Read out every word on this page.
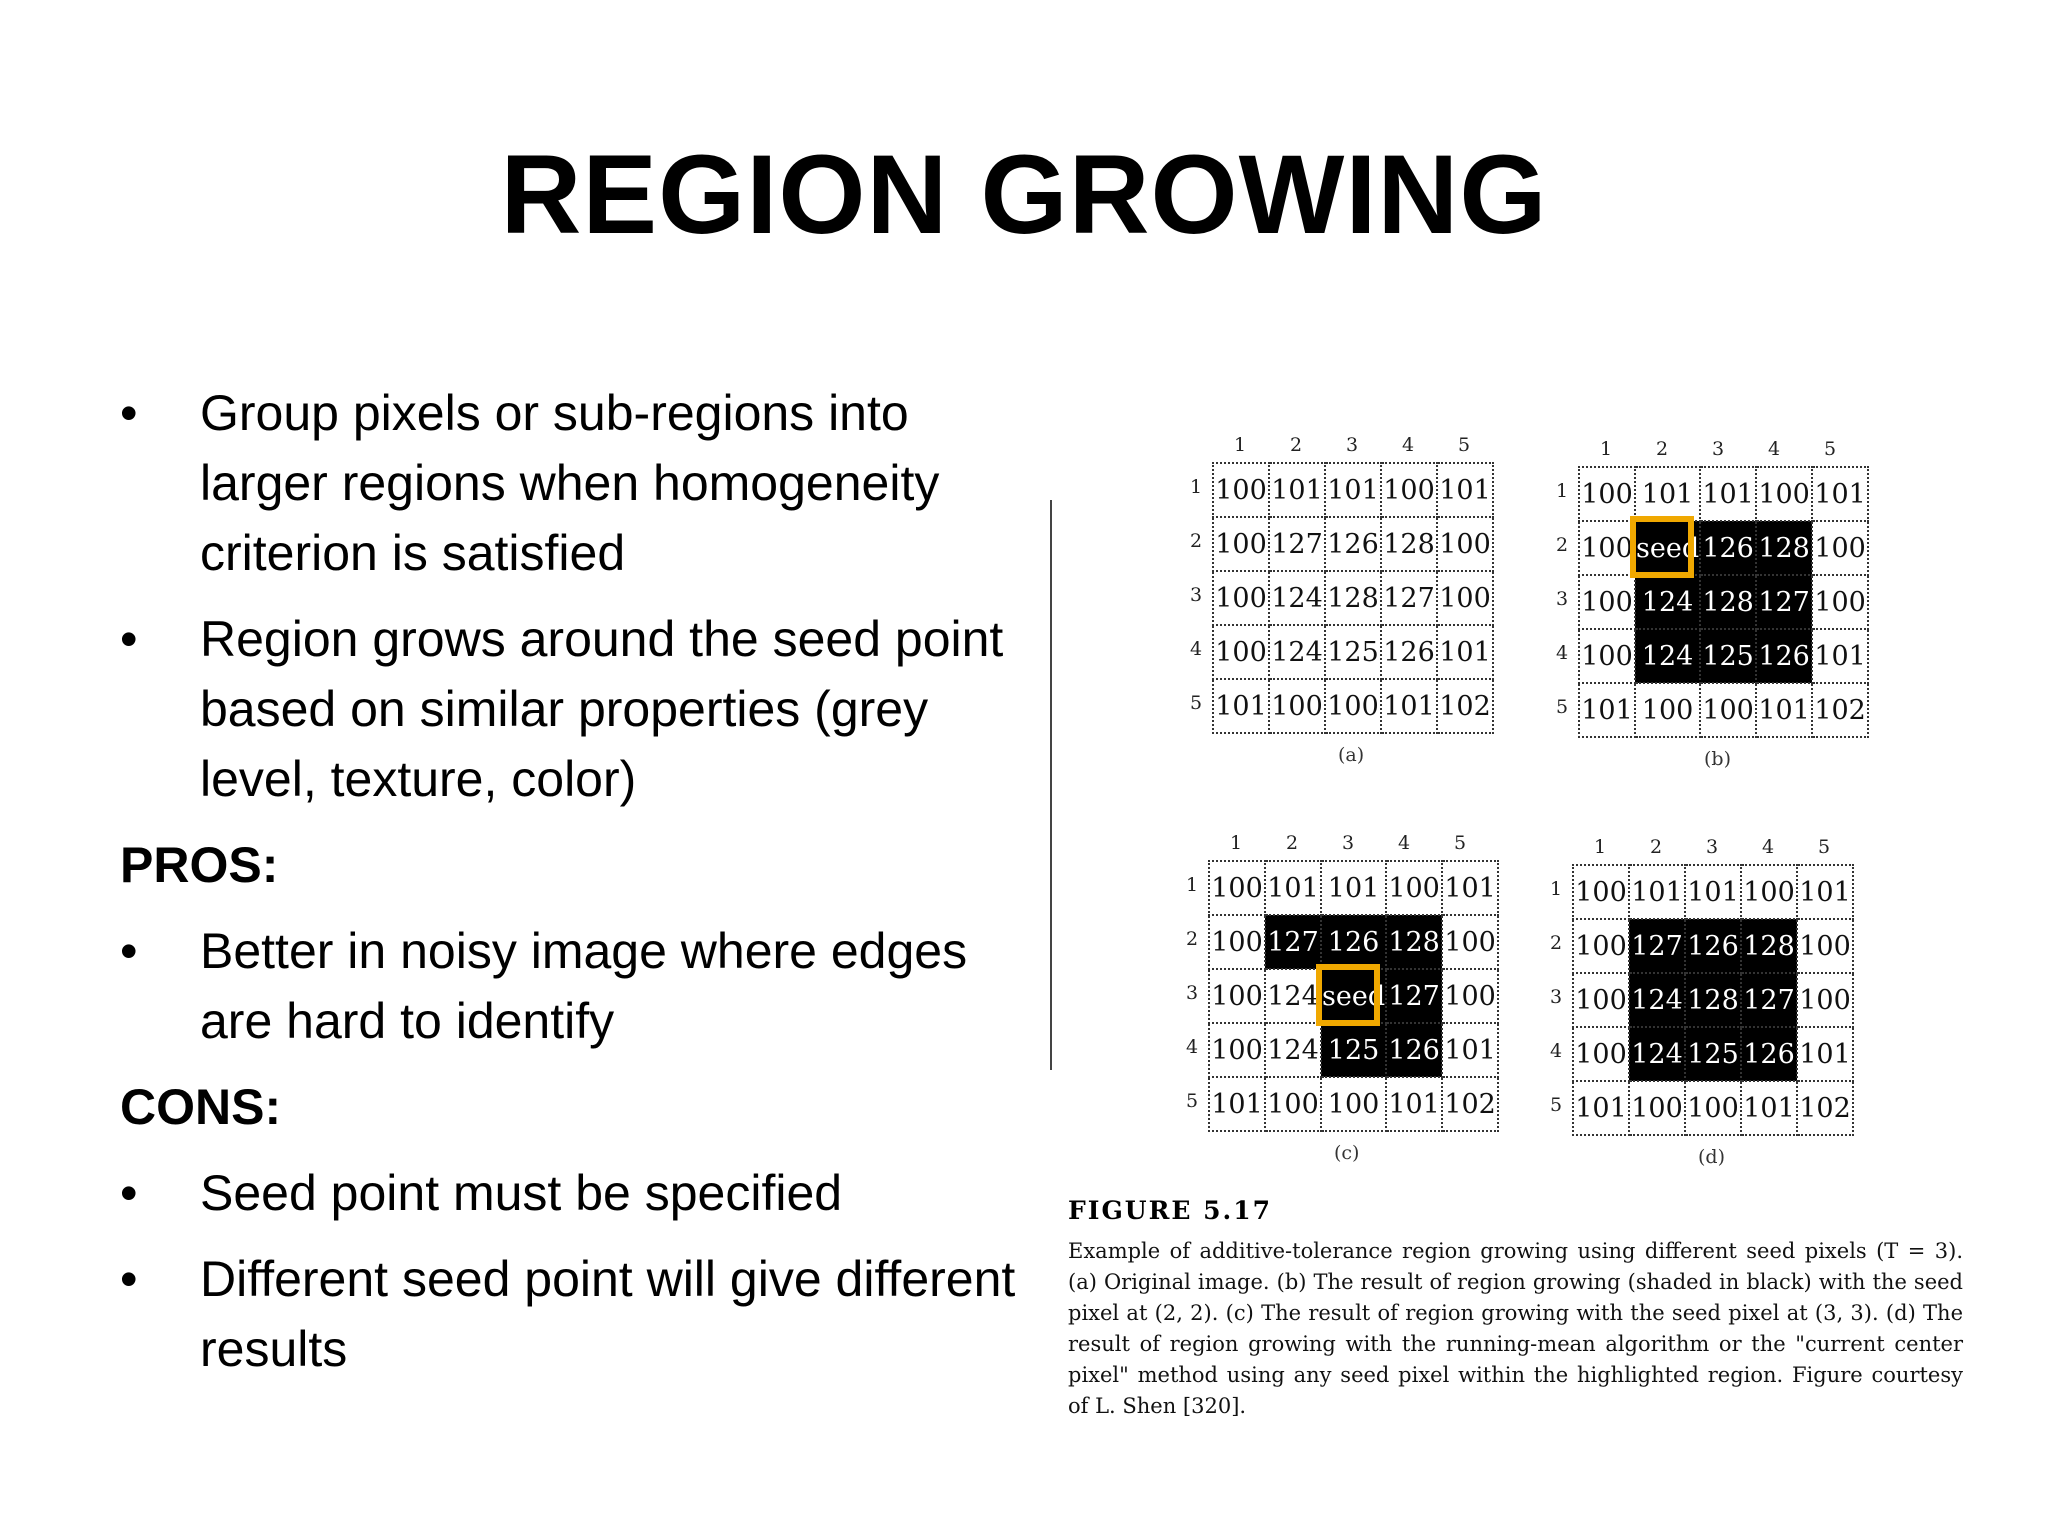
REGION GROWING
• Group pixels or sub-regions into larger regions when homogeneity criterion is satisfied
• Region grows around the seed point based on similar properties (grey level, texture, color)
PROS:
• Better in noisy image where edges are hard to identify
CONS:
• Seed point must be specified
• Different seed point will give different results
1	2	3	4	5
1
2
3
4
5
100	101	101	100	101
100	127	126	128	100
100	124	128	127	100
100	124	125	126	101
101	100	100	101	102
(a)
1	2	3	4	5
1
2
3
4
5
100	101	101	100	101
100	seed	126	128	100
100	124	128	127	100
100	124	125	126	101
101	100	100	101	102
(b)
1	2	3	4	5
1
2
3
4
5
100	101	101	100	101
100	127	126	128	100
100	124	seed	127	100
100	124	125	126	101
101	100	100	101	102
(c)
1	2	3	4	5
1
2
3
4
5
100	101	101	100	101
100	127	126	128	100
100	124	128	127	100
100	124	125	126	101
101	100	100	101	102
(d)
FIGURE 5.17
Example of additive-tolerance region growing using different seed pixels (T = 3). (a) Original image. (b) The result of region growing (shaded in black) with the seed pixel at (2, 2). (c) The result of region growing with the seed pixel at (3, 3). (d) The result of region growing with the running-mean algorithm or the "current center pixel" method using any seed pixel within the highlighted region. Figure courtesy of L. Shen [320].
